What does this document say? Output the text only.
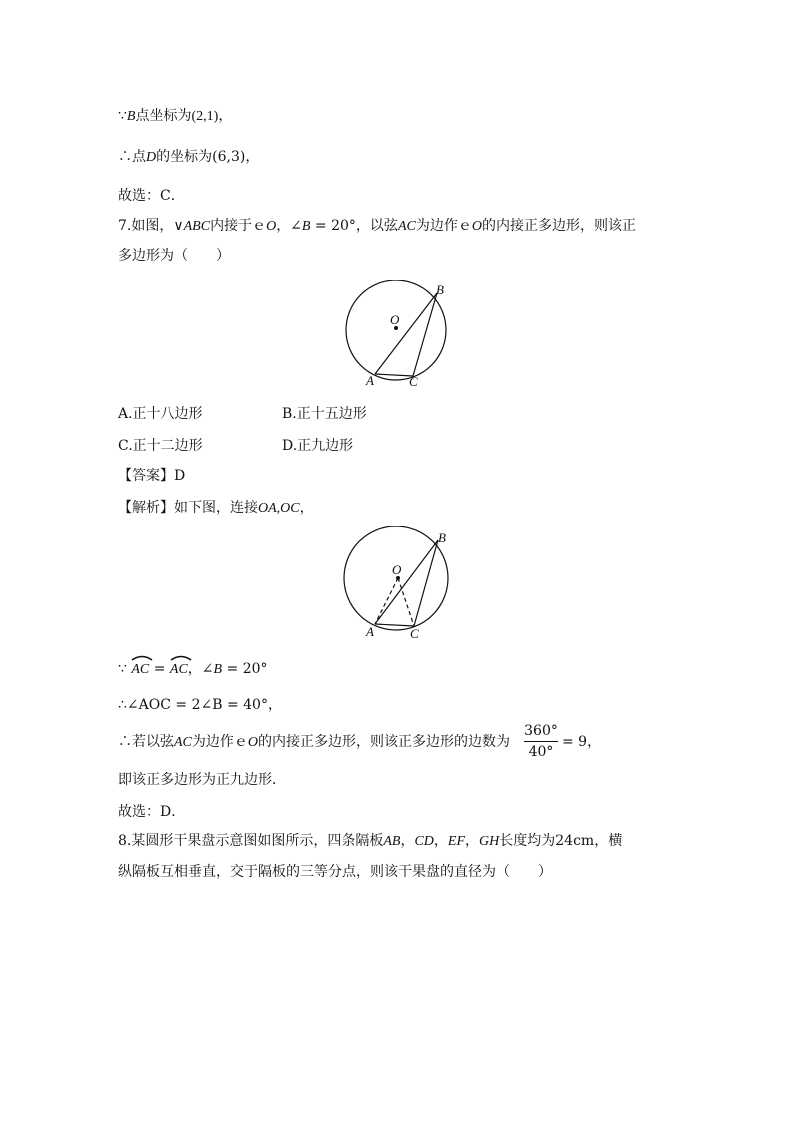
∵B点坐标为(2,1)，
∴点D的坐标为(6,3)，
故选：C．
7.如图，∨ABC内接于ｅO，∠B = 20°，以弦AC为边作ｅO的内接正多边形，则该正
多边形为（　　）
O
B
A	C
A.正十八边形	B.正十五边形
C.正十二边形	D.正九边形
【答案】D
【解析】如下图，连接OA,OC，
O
B
A	C
∵ AC =
AC，∠B = 20°
∴∠AOC = 2∠B = 40°，
∴若以弦AC为边作ｅO的内接正多边形，则该正多边形的边数为
360°
40°
= 9，
即该正多边形为正九边形．
故选：D．
8.某圆形干果盘示意图如图所示，四条隔板AB，CD，EF，GH长度均为24cm，横
纵隔板互相垂直，交于隔板的三等分点，则该干果盘的直径为（　　）
